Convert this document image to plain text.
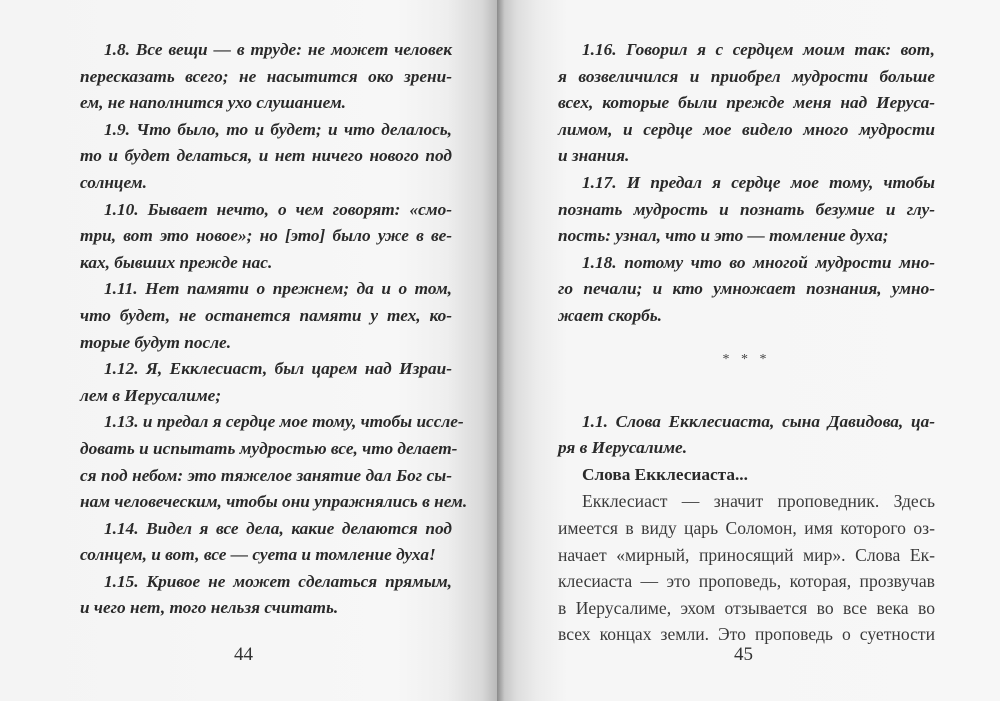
1.8. Все вещи — в труде: не может человек
пересказать всего; не насытится око зрени-
ем, не наполнится ухо слушанием.
1.9. Что было, то и будет; и что делалось,
то и будет делаться, и нет ничего нового под
солнцем.
1.10. Бывает нечто, о чем говорят: «смо-
три, вот это новое»; но [это] было уже в ве-
ках, бывших прежде нас.
1.11. Нет памяти о прежнем; да и о том,
что будет, не останется памяти у тех, ко-
торые будут после.
1.12. Я, Екклесиаст, был царем над Израи-
лем в Иерусалиме;
1.13. и предал я сердце мое тому, чтобы иссле-
довать и испытать мудростью все, что делает-
ся под небом: это тяжелое занятие дал Бог сы-
нам человеческим, чтобы они упражнялись в нем.
1.14. Видел я все дела, какие делаются под
солнцем, и вот, все — суета и томление духа!
1.15. Кривое не может сделаться прямым,
и чего нет, того нельзя считать.
44
1.16. Говорил я с сердцем моим так: вот,
я возвеличился и приобрел мудрости больше
всех, которые были прежде меня над Иеруса-
лимом, и сердце мое видело много мудрости
и знания.
1.17. И предал я сердце мое тому, чтобы
познать мудрость и познать безумие и глу-
пость: узнал, что и это — томление духа;
1.18. потому что во многой мудрости мно-
го печали; и кто умножает познания, умно-
жает скорбь.
* * *
1.1. Слова Екклесиаста, сына Давидова, ца-
ря в Иерусалиме.
Слова Екклесиаста...
Екклесиаст — значит проповедник. Здесь
имеется в виду царь Соломон, имя которого оз-
начает «мирный, приносящий мир». Слова Ек-
клесиаста — это проповедь, которая, прозвучав
в Иерусалиме, эхом отзывается во все века во
всех концах земли. Это проповедь о суетности
45
